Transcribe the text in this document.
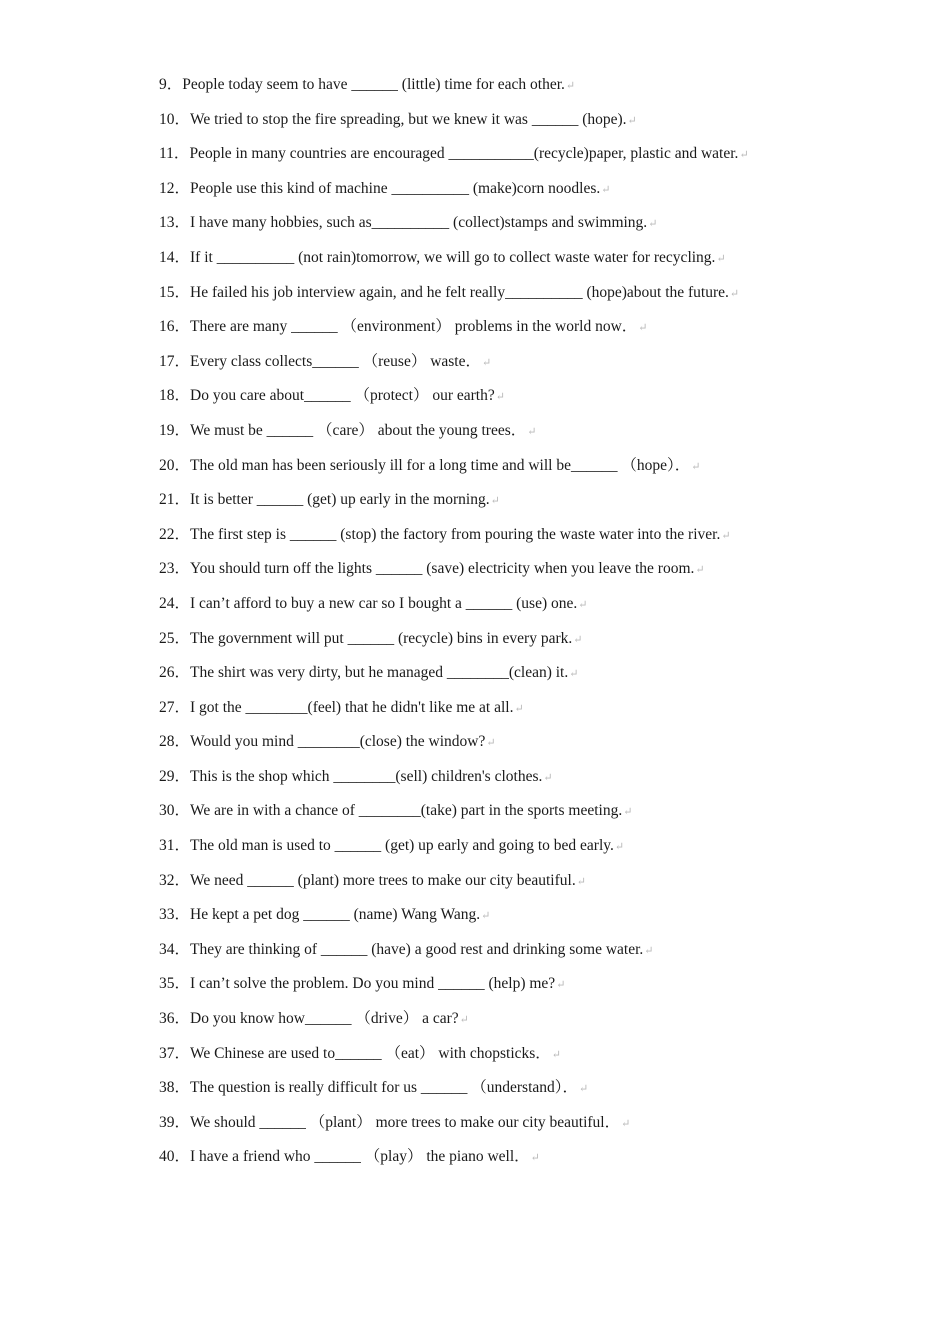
9．People today seem to have ______ (little) time for each other.↵
10．We tried to stop the fire spreading, but we knew it was ______ (hope).↵
11．People in many countries are encouraged ___________(recycle)paper, plastic and water.↵
12．People use this kind of machine __________ (make)corn noodles.↵
13．I have many hobbies, such as__________ (collect)stamps and swimming.↵
14．If it __________ (not rain)tomorrow, we will go to collect waste water for recycling.↵
15．He failed his job interview again, and he felt really__________ (hope)about the future.↵
16．There are many ______ （environment） problems in the world now．↵
17．Every class collects______ （reuse） waste．↵
18．Do you care about______ （protect） our earth?↵
19．We must be ______ （care） about the young trees．↵
20．The old man has been seriously ill for a long time and will be______ （hope）．↵
21．It is better ______ (get) up early in the morning.↵
22．The first step is ______ (stop) the factory from pouring the waste water into the river.↵
23．You should turn off the lights ______ (save) electricity when you leave the room.↵
24．I can’t afford to buy a new car so I bought a ______ (use) one.↵
25．The government will put ______ (recycle) bins in every park.↵
26．The shirt was very dirty, but he managed ________(clean) it.↵
27．I got the ________(feel) that he didn't like me at all.↵
28．Would you mind ________(close) the window?↵
29．This is the shop which ________(sell) children's clothes.↵
30．We are in with a chance of ________(take) part in the sports meeting.↵
31．The old man is used to ______ (get) up early and going to bed early.↵
32．We need ______ (plant) more trees to make our city beautiful.↵
33．He kept a pet dog ______ (name) Wang Wang.↵
34．They are thinking of ______ (have) a good rest and drinking some water.↵
35．I can’t solve the problem. Do you mind ______ (help) me?↵
36．Do you know how______ （drive） a car?↵
37．We Chinese are used to______ （eat） with chopsticks．↵
38．The question is really difficult for us ______ （understand）．↵
39．We should ______ （plant） more trees to make our city beautiful．↵
40．I have a friend who ______ （play） the piano well．↵
